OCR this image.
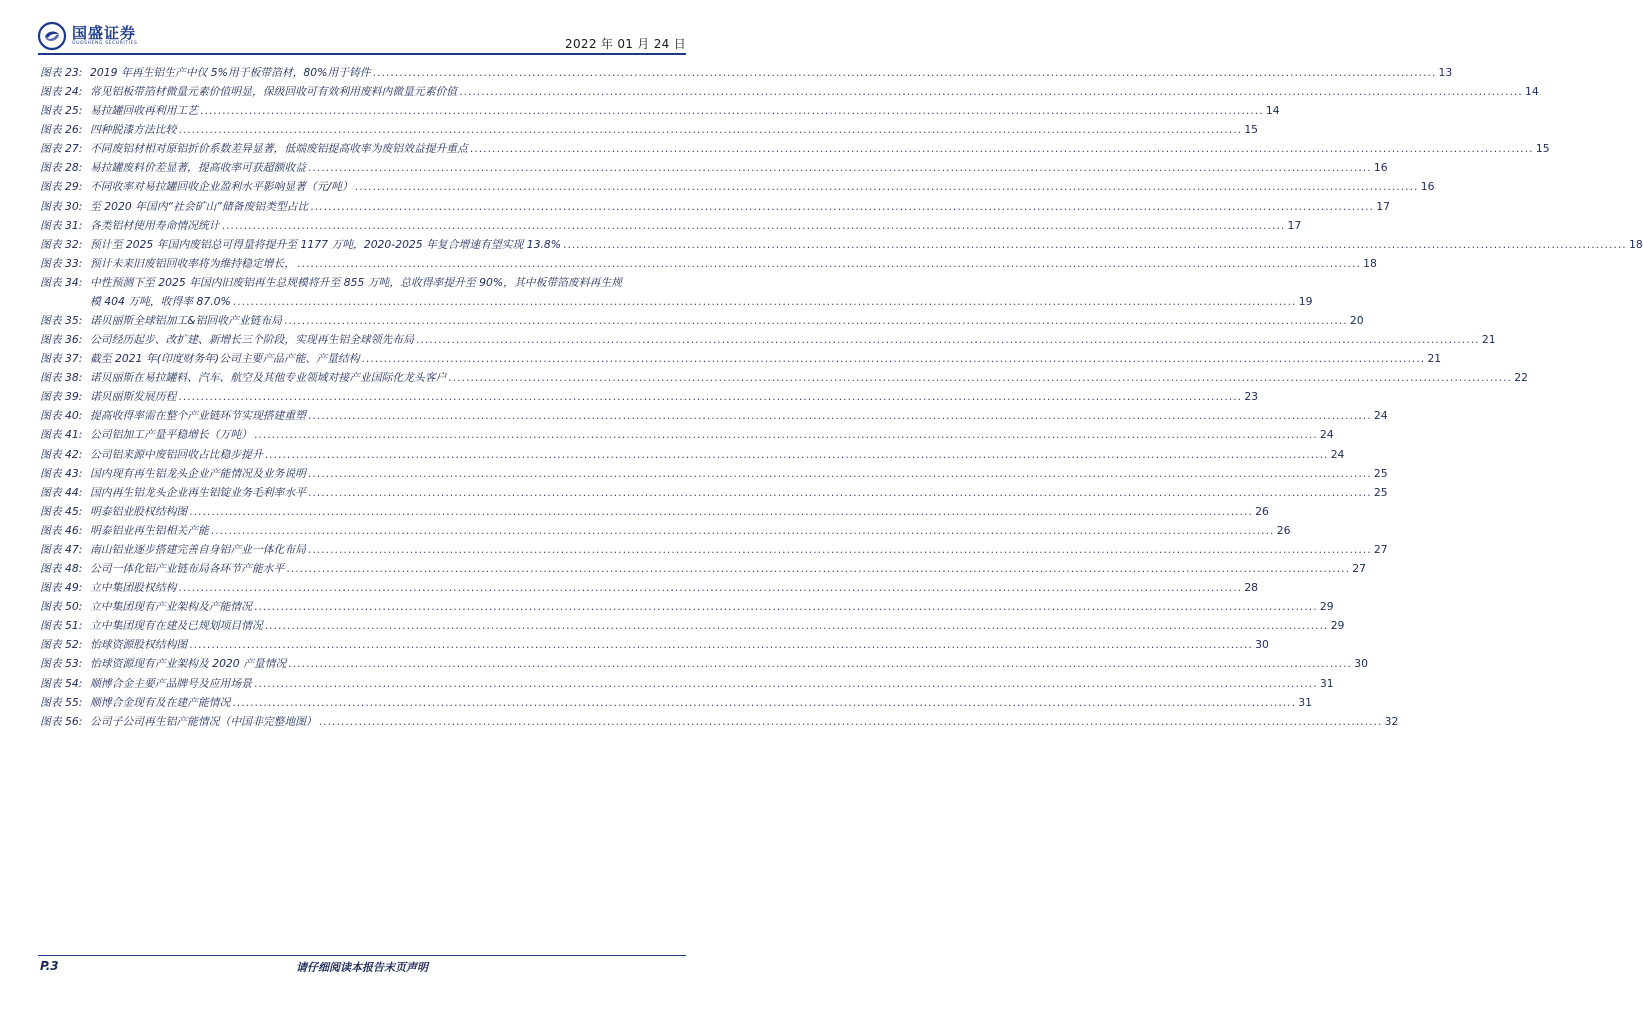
国盛证券
GUOSHENG SECURITIES	2022 年 01 月 24 日
图表 23: 2019 年再生铝生产中仅 5%用于板带箔材，80%用于铸件 .....	13
图表 24: 常见铝板带箔材微量元素价值明显，保级回收可有效利用废料内微量元素价值 .....	14
图表 25: 易拉罐回收再利用工艺 .....	14
图表 26: 四种脱漆方法比较 .....	15
图表 27: 不同废铝材相对原铝折价系数差异显著，低端废铝提高收率为废铝效益提升重点 .....	15
图表 28: 易拉罐废料价差显著，提高收率可获超额收益 .....	16
图表 29: 不同收率对易拉罐回收企业盈利水平影响显著（元/吨） .....	16
图表 30: 至 2020 年国内“社会矿山”储备废铝类型占比 .....	17
图表 31: 各类铝材使用寿命情况统计 .....	17
图表 32: 预计至 2025 年国内废铝总可得量将提升至 1177 万吨，2020-2025 年复合增速有望实现 13.8% .....	18
图表 33: 预计未来旧废铝回收率将为维持稳定增长， .....	18
图表 34: 中性预测下至 2025 年国内旧废铝再生总规模将升至 855 万吨，总收得率提升至 90%，其中板带箔废料再生规
模 404 万吨，收得率 87.0% .....	19
图表 35: 诺贝丽斯全球铝加工&铝回收产业链布局 .....	20
图表 36: 公司经历起步、改扩建、新增长三个阶段，实现再生铝全球领先布局 .....	21
图表 37: 截至 2021 年(印度财务年)公司主要产品产能、产量结构 .....	21
图表 38: 诺贝丽斯在易拉罐料、汽车、航空及其他专业领域对接产业国际化龙头客户 .....	22
图表 39: 诺贝丽斯发展历程 .....	23
图表 40: 提高收得率需在整个产业链环节实现搭建重塑 .....	24
图表 41: 公司铝加工产量平稳增长（万吨） .....	24
图表 42: 公司铝来源中废铝回收占比稳步提升 .....	24
图表 43: 国内现有再生铝龙头企业产能情况及业务说明 .....	25
图表 44: 国内再生铝龙头企业再生铝锭业务毛利率水平 .....	25
图表 45: 明泰铝业股权结构图 .....	26
图表 46: 明泰铝业再生铝相关产能 .....	26
图表 47: 南山铝业逐步搭建完善自身铝产业一体化布局 .....	27
图表 48: 公司一体化铝产业链布局各环节产能水平 .....	27
图表 49: 立中集团股权结构 .....	28
图表 50: 立中集团现有产业架构及产能情况 .....	29
图表 51: 立中集团现有在建及已规划项目情况 .....	29
图表 52: 怡球资源股权结构图 .....	30
图表 53: 怡球资源现有产业架构及 2020 产量情况 .....	30
图表 54: 顺博合金主要产品牌号及应用场景 .....	31
图表 55: 顺博合金现有及在建产能情况 .....	31
图表 56: 公司子公司再生铝产能情况（中国非完整地图） .....	32
P.3	请仔细阅读本报告末页声明
